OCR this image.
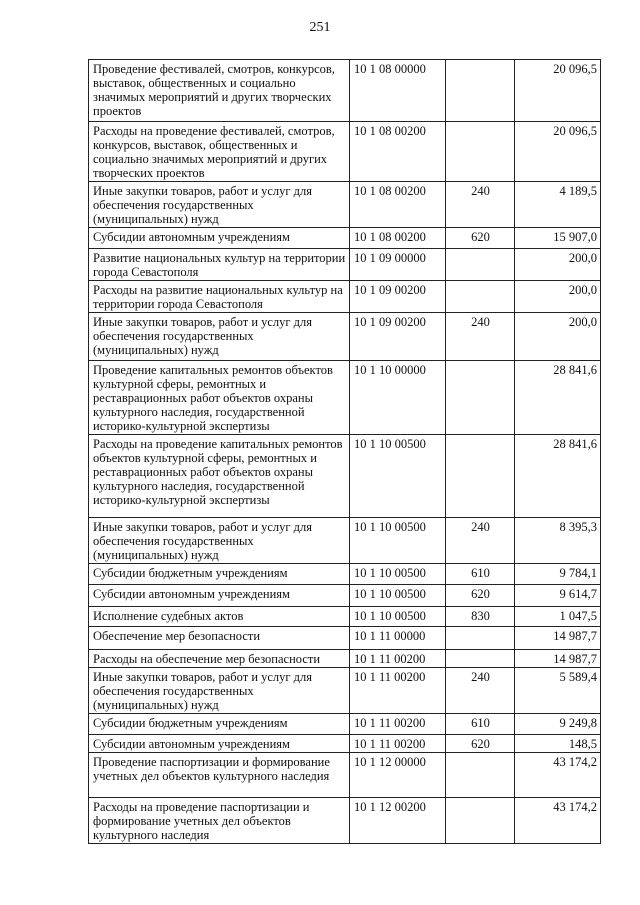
251
Проведение фестивалей, смотров, конкурсов, выставок, общественных и социально значимых мероприятий и других творческих проектов	10 1 08 00000		20 096,5
Расходы на проведение фестивалей, смотров, конкурсов, выставок, общественных и социально значимых мероприятий и других творческих проектов	10 1 08 00200		20 096,5
Иные закупки товаров, работ и услуг для обеспечения государственных (муниципальных) нужд	10 1 08 00200	240	4 189,5
Субсидии автономным учреждениям	10 1 08 00200	620	15 907,0
Развитие национальных культур на территории города Севастополя	10 1 09 00000		200,0
Расходы на развитие национальных культур на территории города Севастополя	10 1 09 00200		200,0
Иные закупки товаров, работ и услуг для обеспечения государственных (муниципальных) нужд	10 1 09 00200	240	200,0
Проведение капитальных ремонтов объектов культурной сферы, ремонтных и реставрационных работ объектов охраны культурного наследия, государственной историко-культурной экспертизы	10 1 10 00000		28 841,6
Расходы на проведение капитальных ремонтов объектов культурной сферы, ремонтных и реставрационных работ объектов охраны культурного наследия, государственной историко-культурной экспертизы	10 1 10 00500		28 841,6
Иные закупки товаров, работ и услуг для обеспечения государственных (муниципальных) нужд	10 1 10 00500	240	8 395,3
Субсидии бюджетным учреждениям	10 1 10 00500	610	9 784,1
Субсидии автономным учреждениям	10 1 10 00500	620	9 614,7
Исполнение судебных актов	10 1 10 00500	830	1 047,5
Обеспечение мер безопасности	10 1 11 00000		14 987,7
Расходы на обеспечение мер безопасности	10 1 11 00200		14 987,7
Иные закупки товаров, работ и услуг для обеспечения государственных (муниципальных) нужд	10 1 11 00200	240	5 589,4
Субсидии бюджетным учреждениям	10 1 11 00200	610	9 249,8
Субсидии автономным учреждениям	10 1 11 00200	620	148,5
Проведение паспортизации и формирование учетных дел объектов культурного наследия	10 1 12 00000		43 174,2
Расходы на проведение паспортизации и формирование учетных дел объектов культурного наследия	10 1 12 00200		43 174,2
